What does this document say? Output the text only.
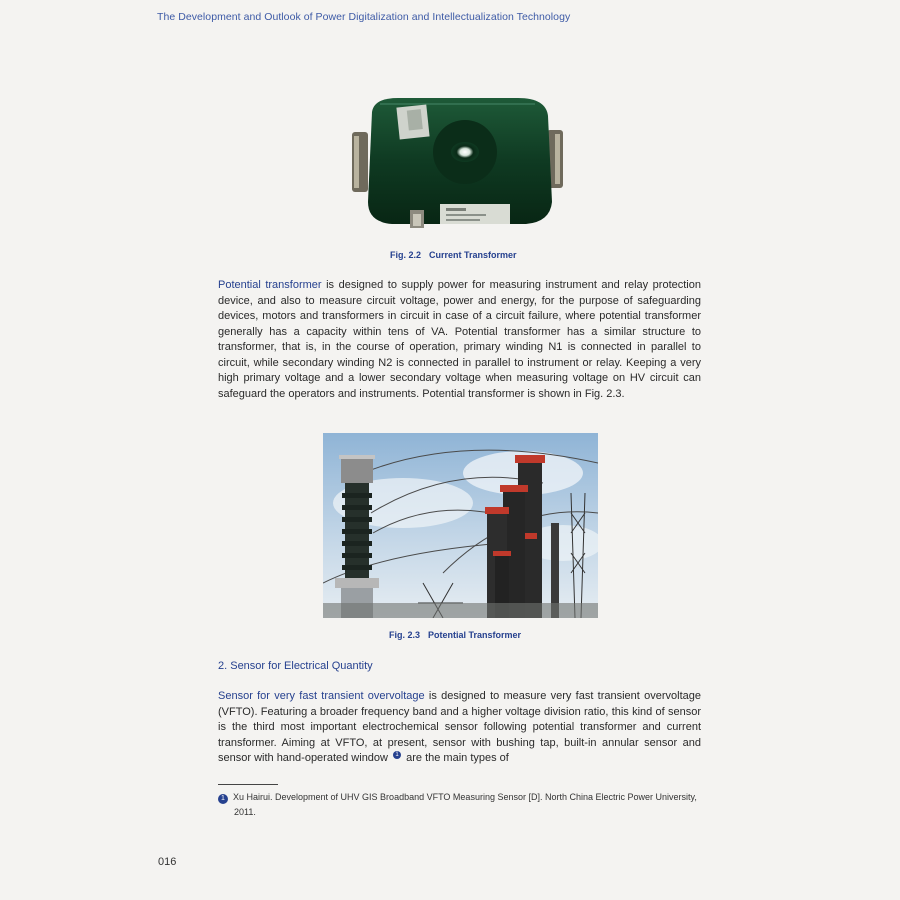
The Development and Outlook of Power Digitalization and Intellectualization Technology
Fig. 2.2 Current Transformer

Potential transformer is designed to supply power for measuring instrument and relay protection device, and also to measure circuit voltage, power and energy, for the purpose of safeguarding devices, motors and transformers in circuit in case of a circuit failure, where potential transformer generally has a capacity within tens of VA. Potential transformer has a similar structure to transformer, that is, in the course of operation, primary winding N1 is connected in parallel to circuit, while secondary winding N2 is connected in parallel to instrument or relay. Keeping a very high primary voltage and a lower secondary voltage when measuring voltage on HV circuit can safeguard the operators and instruments. Potential transformer is shown in Fig. 2.3.

Fig. 2.3 Potential Transformer
2. Sensor for Electrical Quantity

Sensor for very fast transient overvoltage is designed to measure very fast transient overvoltage (VFTO). Featuring a broader frequency band and a higher voltage division ratio, this kind of sensor is the third most important electrochemical sensor following potential transformer and current transformer. Aiming at VFTO, at present, sensor with bushing tap, built-in annular sensor and sensor with hand-operated window 1 are the main types of

1 Xu Hairui. Development of UHV GIS Broadband VFTO Measuring Sensor [D]. North China Electric Power University, 2011.

016
